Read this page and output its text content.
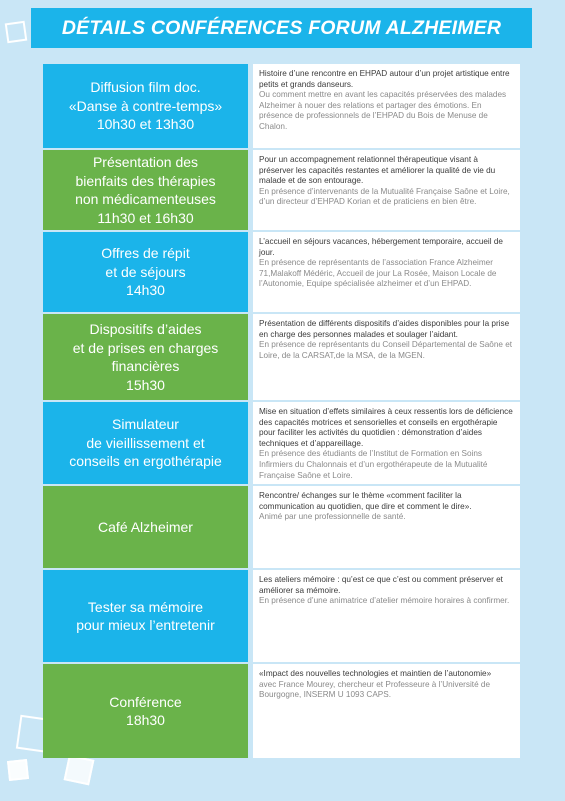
DÉTAILS CONFÉRENCES FORUM ALZHEIMER
Diffusion film doc.
«Danse à contre-temps»
10h30 et 13h30
Histoire d’une rencontre en EHPAD autour d’un projet artistique entre petits et grands danseurs.
Ou comment mettre en avant les capacités préservées des malades Alzheimer à nouer des relations et partager des émotions. En présence de professionnels de l’EHPAD du Bois de Menuse de Chalon.
Présentation des
bienfaits des thérapies
non médicamenteuses
11h30 et 16h30
Pour un accompagnement relationnel thérapeutique visant à préserver les capacités restantes et améliorer la qualité de vie du malade et de son entourage.
En présence d’intervenants de la Mutualité Française Saône et Loire, d’un directeur d’EHPAD Korian et de praticiens en bien être.
Offres de répit
et de séjours
14h30
L’accueil en séjours vacances, hébergement temporaire, accueil de jour.
En présence de représentants de l’association France Alzheimer 71,Malakoff Médéric, Accueil de jour La Rosée, Maison Locale de l’Autonomie, Equipe spécialisée alzheimer et d’un EHPAD.
Dispositifs d’aides
et de prises en charges
financières
15h30
Présentation de différents dispositifs d’aides disponibles pour la prise en charge des personnes malades et soulager l’aidant.
En présence de représentants du Conseil Départemental de Saône et Loire, de la CARSAT,de la MSA, de la MGEN.
Simulateur
de vieillissement et
conseils en ergothérapie
Mise en situation d’effets similaires à ceux ressentis lors de déficience des capacités motrices et sensorielles et conseils en ergothérapie pour faciliter les activités du quotidien : démonstration d’aides techniques et d’appareillage.
En présence des étudiants de l’Institut de Formation en Soins Infirmiers du Chalonnais et d’un ergothérapeute de la Mutualité Française Saône et Loire.
Café Alzheimer
Rencontre/ échanges sur le thème «comment faciliter la communication au quotidien, que dire et comment le dire».
Animé par une professionnelle de santé.
Tester sa mémoire
pour mieux l’entretenir
Les ateliers mémoire : qu’est ce que c’est ou comment préserver et améliorer sa mémoire.
En présence d’une animatrice d’atelier mémoire horaires à confirmer.
Conférence
18h30
«Impact des nouvelles technologies et maintien de l’autonomie»
avec France Mourey, chercheur et Professeure à l’Université de Bourgogne, INSERM U 1093 CAPS.
